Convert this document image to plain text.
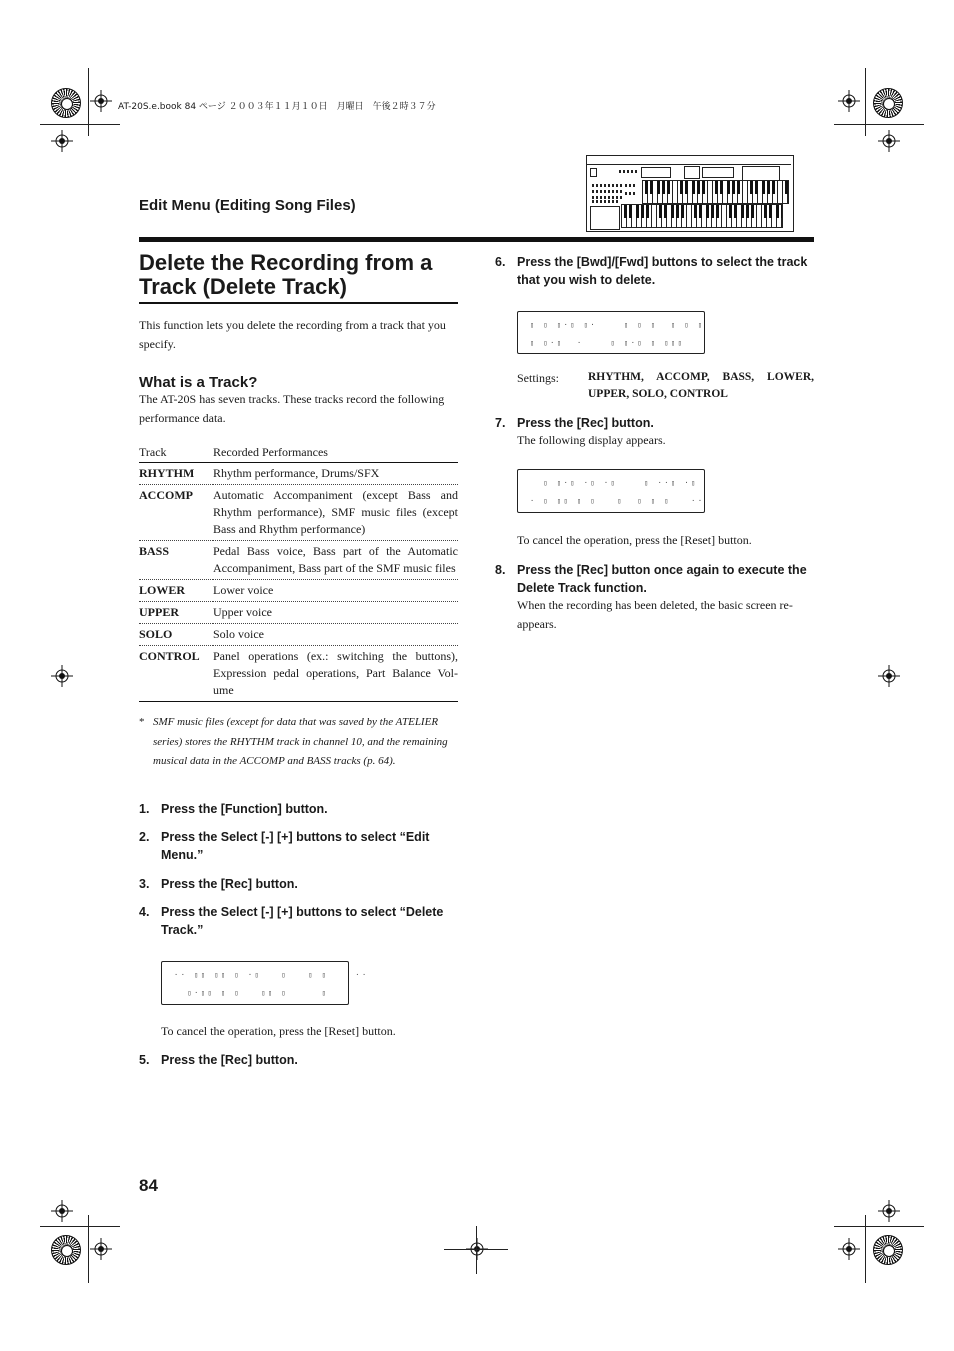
AT-20S.e.book 84 ページ ２００３年１１月１０日　月曜日　午後２時３７分
Edit Menu (Editing Song Files)
Delete the Recording from a Track (Delete Track)
This function lets you delete the recording from a track that you specify.
What is a Track?
The AT-20S has seven tracks. These tracks record the following performance data.
Track	Recorded Performances
RHYTHM	Rhythm performance, Drums/SFX
ACCOMP	Automatic Accompaniment (except Bass and Rhythm performance), SMF music files (except Bass and Rhythm performance)
BASS	Pedal Bass voice, Bass part of the Automatic Accompaniment, Bass part of the SMF music files
LOWER	Lower voice
UPPER	Upper voice
SOLO	Solo voice
CONTROL	Panel operations (ex.: switching the buttons), Expression pedal operations, Part Balance Vol-ume
* SMF music files (except for data that was saved by the ATELIER series) stores the RHYTHM track in channel 10, and the remaining musical data in the ACCOMP and BASS tracks (p. 64).
1. Press the [Function] button.
2. Press the Select [-] [+] buttons to select “Edit Menu.”
3. Press the [Rec] button.
4. Press the Select [-] [+] buttons to select “Delete Track.”
·· ▯▯ ▯▯ ▯ ·▯   ▯   ▯ ▯    ··
▯·▯▯ ▯ ▯   ▯▯ ▯     ▯
To cancel the operation, press the [Reset] button.
5. Press the [Rec] button.
6. Press the [Bwd]/[Fwd] buttons to select the track that you wish to delete.
▯ ▯ ▯·▯ ▯·    ▯ ▯ ▯  ▯ ▯ ▯
▯ ▯·▯  ·    ▯ ▯·▯ ▯ ▯▯▯
Settings:	RHYTHM, ACCOMP, BASS, LOWER, UPPER, SOLO, CONTROL
7. Press the [Rec] button.
The following display appears.
▯ ▯·▯ ·▯ ·▯    ▯ ··▯ ·▯
· ▯ ▯▯ ▯ ▯   ▯  ▯ ▯ ▯   ··
To cancel the operation, press the [Reset] button.
8. Press the [Rec] button once again to execute the Delete Track function.
When the recording has been deleted, the basic screen re-appears.
84
